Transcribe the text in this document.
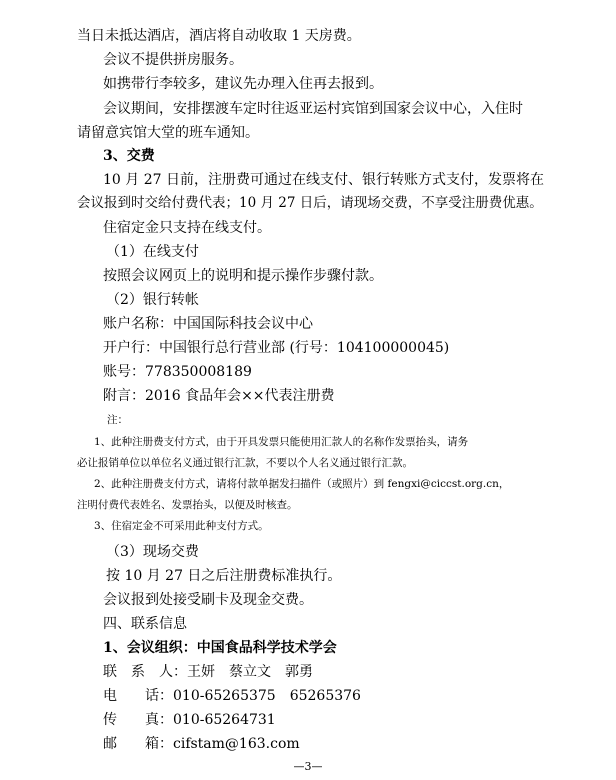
当日未抵达酒店，酒店将自动收取 1 天房费。
会议不提供拼房服务。
如携带行李较多，建议先办理入住再去报到。
会议期间，安排摆渡车定时往返亚运村宾馆到国家会议中心，入住时
请留意宾馆大堂的班车通知。
3、交费
10 月 27 日前，注册费可通过在线支付、银行转账方式支付，发票将在
会议报到时交给付费代表；10 月 27 日后，请现场交费，不享受注册费优惠。
住宿定金只支持在线支付。
（1）在线支付
按照会议网页上的说明和提示操作步骤付款。
（2）银行转帐
账户名称：中国国际科技会议中心
开户行：中国银行总行营业部 (行号：104100000045)
账号：778350008189
附言：2016 食品年会××代表注册费
注：
1、此种注册费支付方式，由于开具发票只能使用汇款人的名称作发票抬头，请务
必让报销单位以单位名义通过银行汇款，不要以个人名义通过银行汇款。
2、此种注册费支付方式，请将付款单据发扫描件（或照片）到 fengxi@ciccst.org.cn，
注明付费代表姓名、发票抬头，以便及时核查。
3、住宿定金不可采用此种支付方式。
（3）现场交费
按 10 月 27 日之后注册费标准执行。
会议报到处接受刷卡及现金交费。
四、联系信息
1、会议组织：中国食品科学技术学会
联　系　人：王妍　蔡立文　郭勇
电　　话：010-65265375　65265376
传　　真：010-65264731
邮　　箱：cifstam@163.com
—3—
